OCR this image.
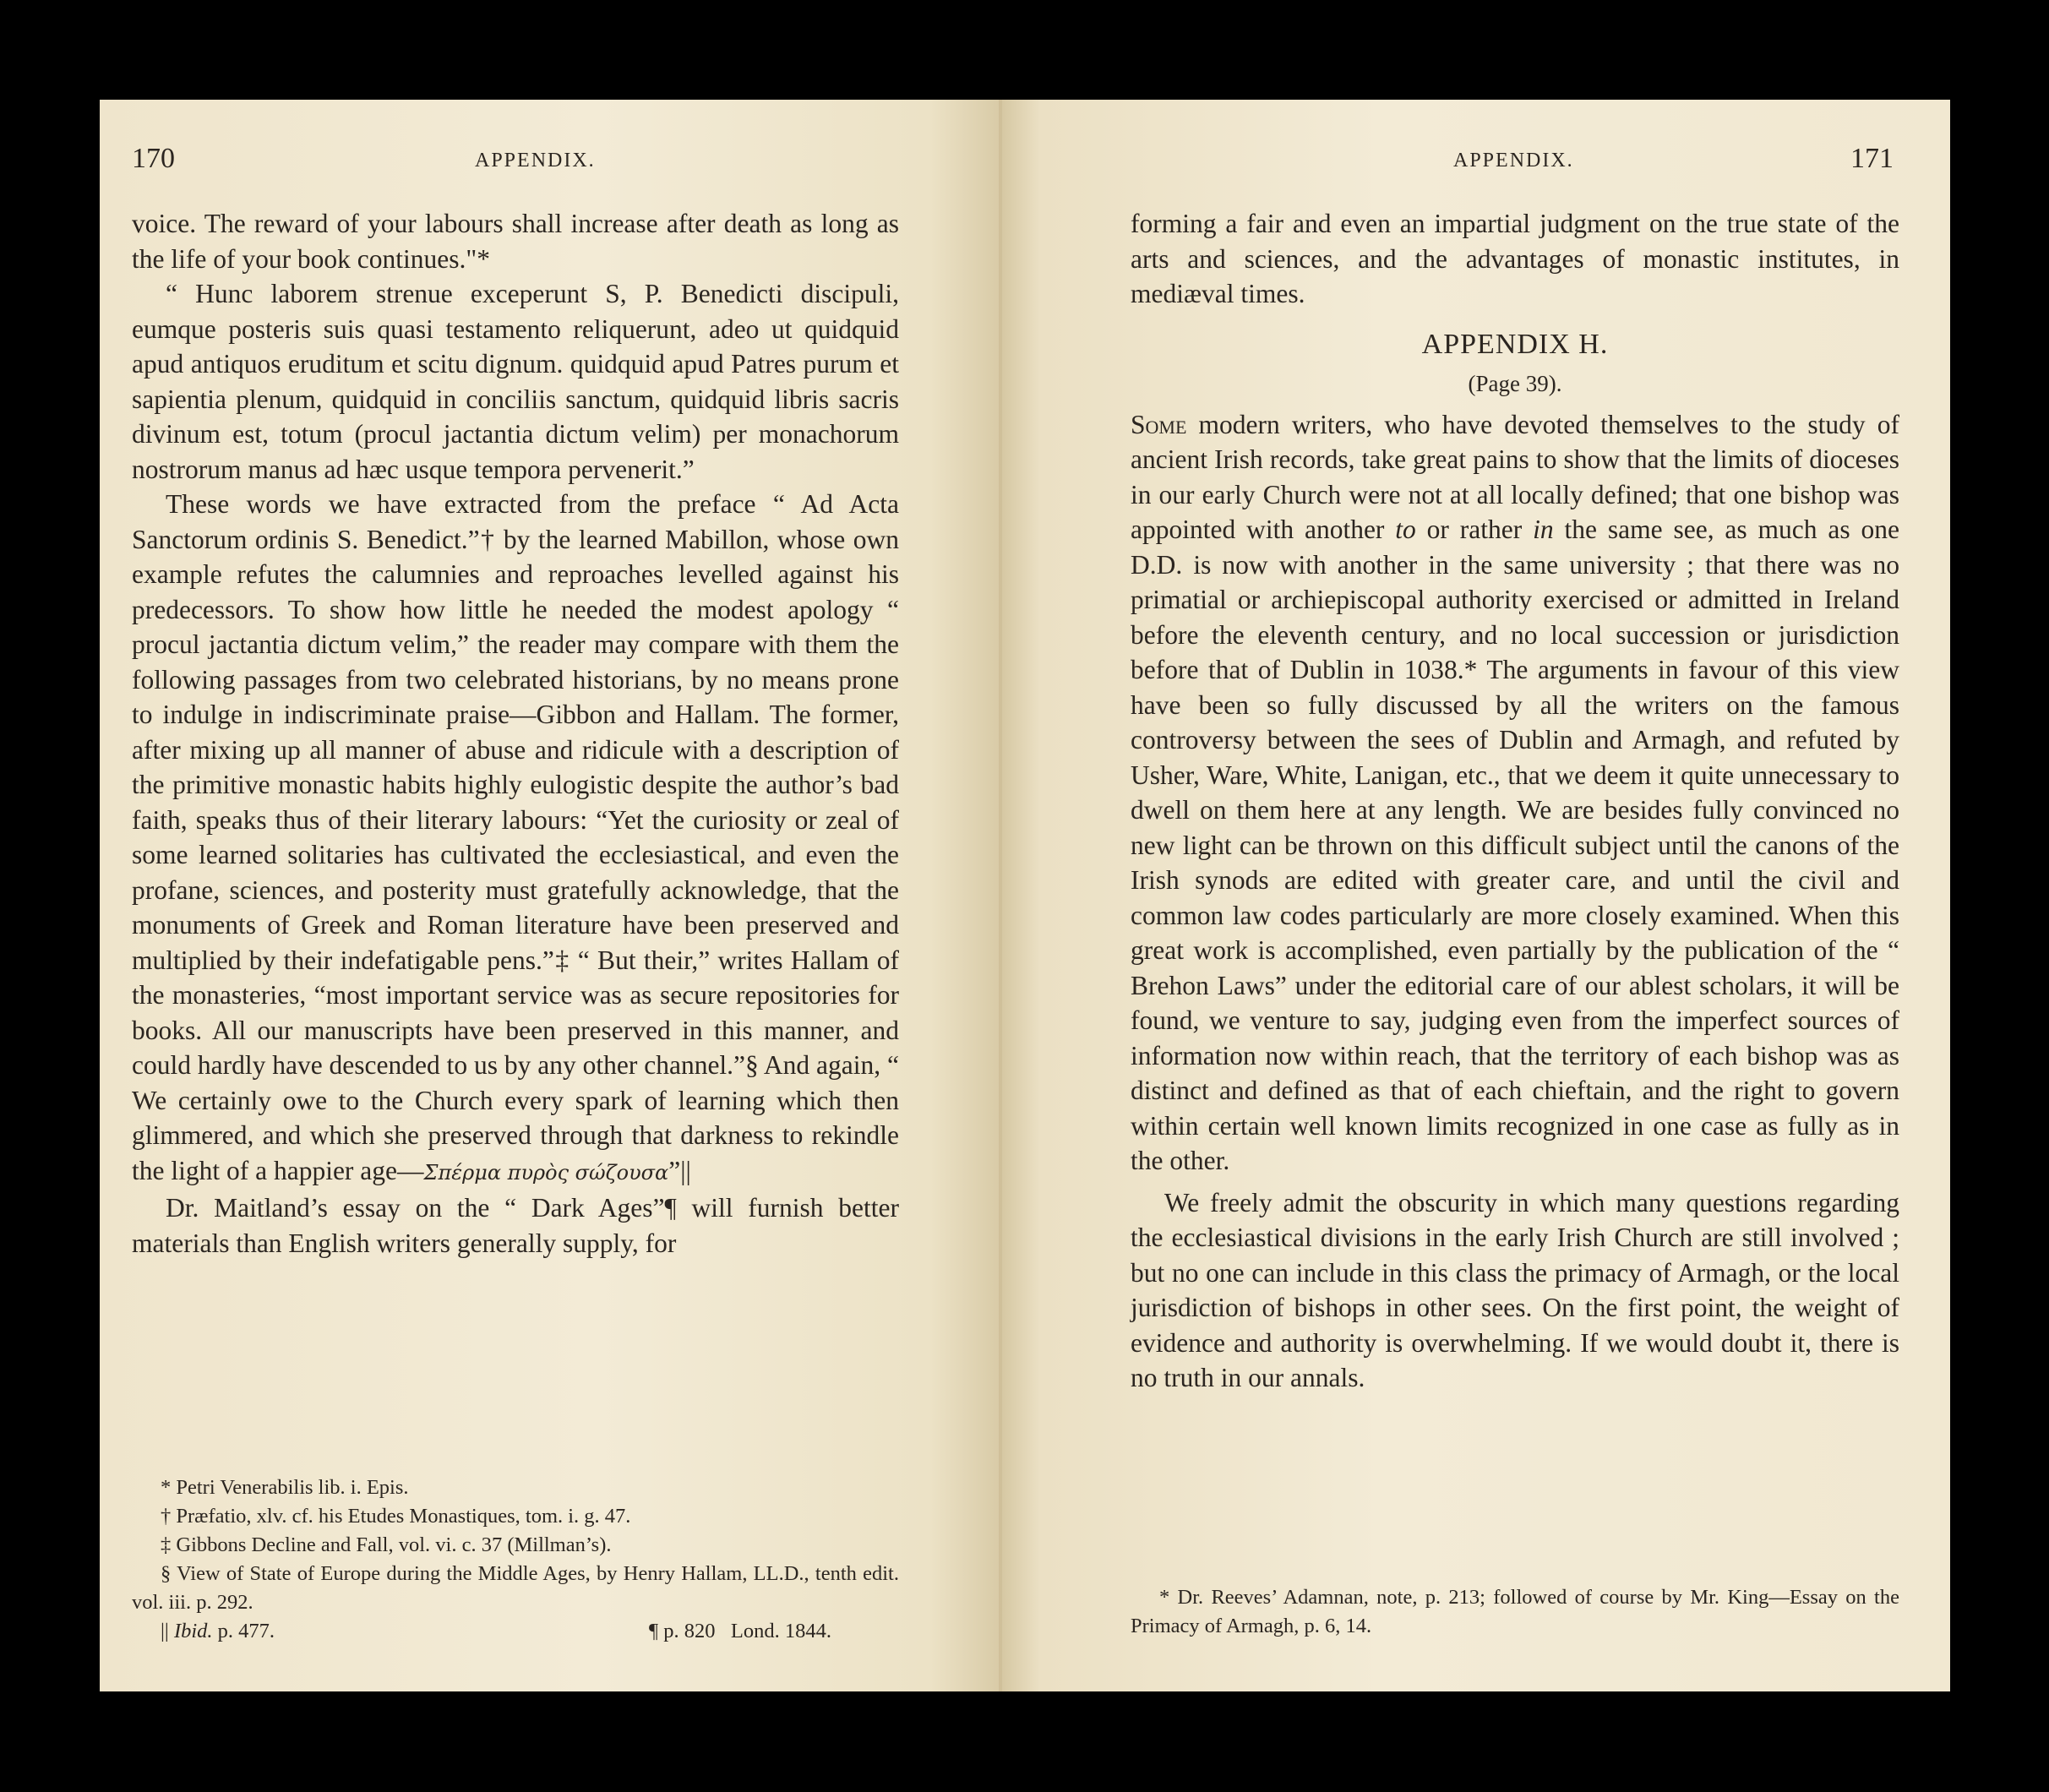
170	APPENDIX.

voice. The reward of your labours shall increase after death as long as the life of your book continues."*

“ Hunc laborem strenue exceperunt S, P. Benedicti discipuli, eumque posteris suis quasi testamento reliquerunt, adeo ut quidquid apud antiquos eruditum et scitu dignum. quidquid apud Patres purum et sapientia plenum, quidquid in conciliis sanctum, quidquid libris sacris divinum est, totum (procul jactantia dictum velim) per monachorum nostrorum manus ad hæc usque tempora pervenerit.”

These words we have extracted from the preface “ Ad Acta Sanctorum ordinis S. Benedict.”† by the learned Mabillon, whose own example refutes the calumnies and reproaches levelled against his predecessors. To show how little he needed the modest apology “ procul jactantia dictum velim,” the reader may compare with them the following passages from two celebrated historians, by no means prone to indulge in indiscriminate praise—Gibbon and Hallam. The former, after mixing up all manner of abuse and ridicule with a description of the primitive monastic habits highly eulogistic despite the author’s bad faith, speaks thus of their literary labours: “Yet the curiosity or zeal of some learned solitaries has cultivated the ecclesiastical, and even the profane, sciences, and posterity must gratefully acknowledge, that the monuments of Greek and Roman literature have been preserved and multiplied by their indefatigable pens.”‡ “ But their,” writes Hallam of the monasteries, “most important service was as secure repositories for books. All our manuscripts have been preserved in this manner, and could hardly have descended to us by any other channel.”§ And again, “ We certainly owe to the Church every spark of learning which then glimmered, and which she preserved through that darkness to rekindle the light of a happier age—Σπέρμα πυρὸς σώζουσα”||

Dr. Maitland’s essay on the “ Dark Ages”¶ will furnish better materials than English writers generally supply, for

* Petri Venerabilis lib. i. Epis.
† Præfatio, xlv. cf. his Etudes Monastiques, tom. i. g. 47.
‡ Gibbons Decline and Fall, vol. vi. c. 37 (Millman’s).
§ View of State of Europe during the Middle Ages, by Henry Hallam, LL.D., tenth edit. vol. iii. p. 292.
|| Ibid. p. 477.	¶ p. 820   Lond. 1844.
APPENDIX.	171

forming a fair and even an impartial judgment on the true state of the arts and sciences, and the advantages of monastic institutes, in mediæval times.

APPENDIX H.
(Page 39).

Some modern writers, who have devoted themselves to the study of ancient Irish records, take great pains to show that the limits of dioceses in our early Church were not at all locally defined; that one bishop was appointed with another to or rather in the same see, as much as one D.D. is now with another in the same university ; that there was no primatial or archiepiscopal authority exercised or admitted in Ireland before the eleventh century, and no local succession or jurisdiction before that of Dublin in 1038.* The arguments in favour of this view have been so fully discussed by all the writers on the famous controversy between the sees of Dublin and Armagh, and refuted by Usher, Ware, White, Lanigan, etc., that we deem it quite unnecessary to dwell on them here at any length. We are besides fully convinced no new light can be thrown on this difficult subject until the canons of the Irish synods are edited with greater care, and until the civil and common law codes particularly are more closely examined. When this great work is accomplished, even partially by the publication of the “ Brehon Laws” under the editorial care of our ablest scholars, it will be found, we venture to say, judging even from the imperfect sources of information now within reach, that the territory of each bishop was as distinct and defined as that of each chieftain, and the right to govern within certain well known limits recognized in one case as fully as in the other.

We freely admit the obscurity in which many questions regarding the ecclesiastical divisions in the early Irish Church are still involved ; but no one can include in this class the primacy of Armagh, or the local jurisdiction of bishops in other sees. On the first point, the weight of evidence and authority is overwhelming. If we would doubt it, there is no truth in our annals.

* Dr. Reeves’ Adamnan, note, p. 213; followed of course by Mr. King—Essay on the Primacy of Armagh, p. 6, 14.
